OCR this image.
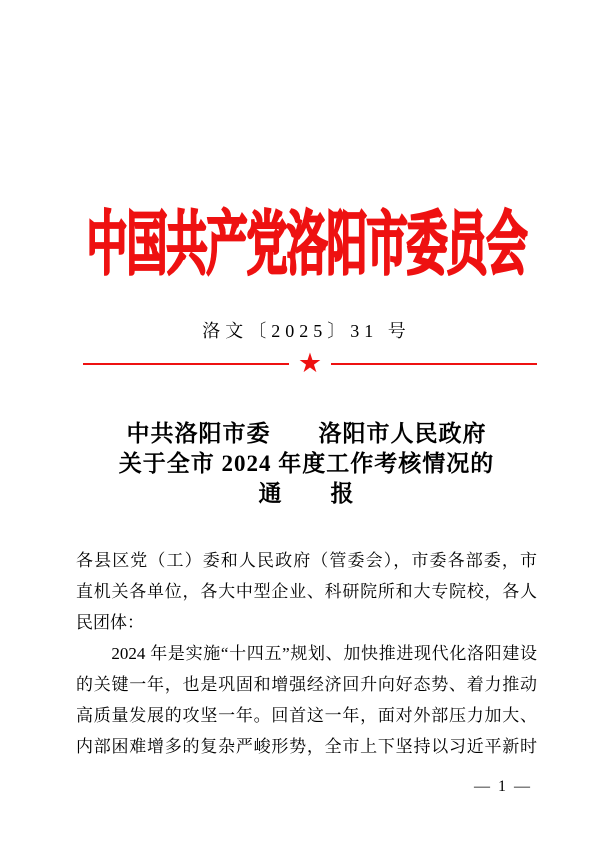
中国共产党洛阳市委员会
洛文〔2025〕31 号
★
中共洛阳市委　　洛阳市人民政府
关于全市 2024 年度工作考核情况的
通　　报
各县区党（工）委和人民政府（管委会），市委各部委，市
直机关各单位，各大中型企业、科研院所和大专院校，各人
民团体：
　　2024 年是实施“十四五”规划、加快推进现代化洛阳建设
的关键一年，也是巩固和增强经济回升向好态势、着力推动
高质量发展的攻坚一年。回首这一年，面对外部压力加大、
内部困难增多的复杂严峻形势，全市上下坚持以习近平新时
— 1 —
